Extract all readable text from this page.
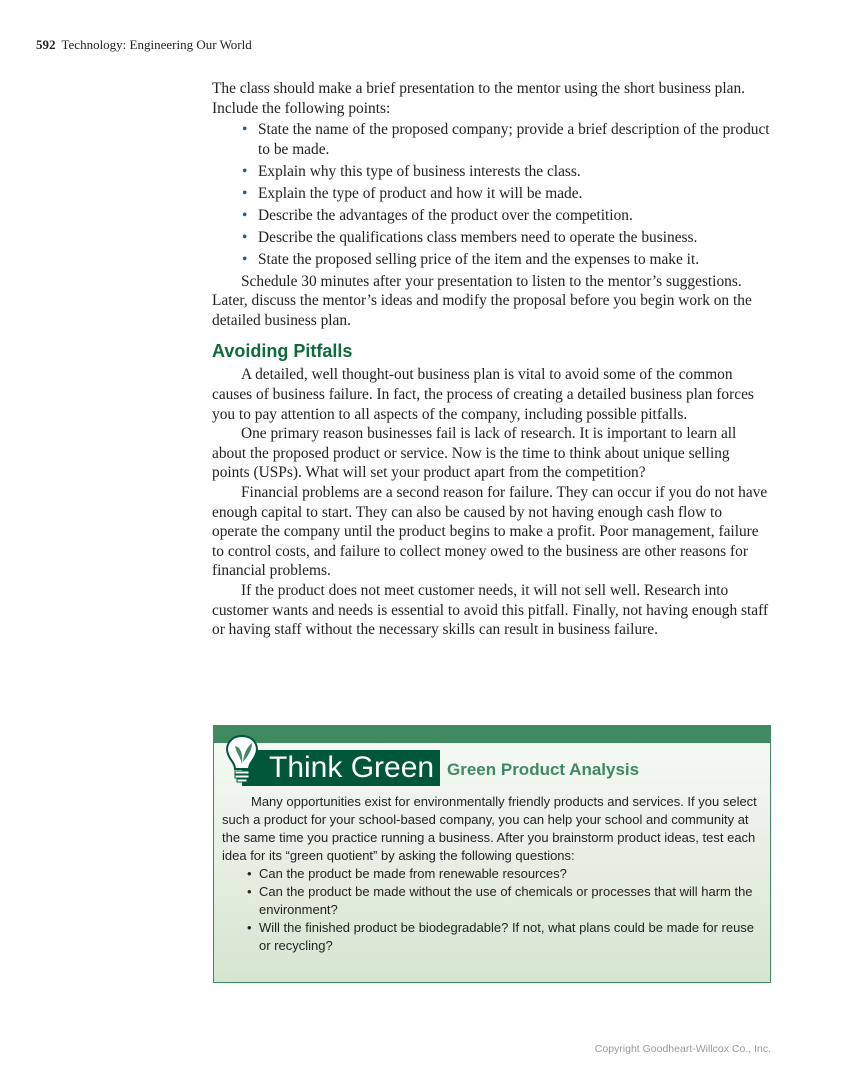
592 Technology: Engineering Our World

The class should make a brief presentation to the mentor using the short business plan. Include the following points:

• State the name of the proposed company; provide a brief description of the product to be made.
• Explain why this type of business interests the class.
• Explain the type of product and how it will be made.
• Describe the advantages of the product over the competition.
• Describe the qualifications class members need to operate the business.
• State the proposed selling price of the item and the expenses to make it.

Schedule 30 minutes after your presentation to listen to the mentor’s suggestions. Later, discuss the mentor’s ideas and modify the proposal before you begin work on the detailed business plan.

Avoiding Pitfalls

A detailed, well thought-out business plan is vital to avoid some of the common causes of business failure. In fact, the process of creating a detailed business plan forces you to pay attention to all aspects of the company, including possible pitfalls.

One primary reason businesses fail is lack of research. It is important to learn all about the proposed product or service. Now is the time to think about unique selling points (USPs). What will set your product apart from the competition?

Financial problems are a second reason for failure. They can occur if you do not have enough capital to start. They can also be caused by not having enough cash flow to operate the company until the product begins to make a profit. Poor management, failure to control costs, and failure to collect money owed to the business are other reasons for financial problems.

If the product does not meet customer needs, it will not sell well. Research into customer wants and needs is essential to avoid this pitfall. Finally, not having enough staff or having staff without the necessary skills can result in business failure.

Think Green Green Product Analysis

Many opportunities exist for environmentally friendly products and services. If you select such a product for your school-based company, you can help your school and community at the same time you practice running a business. After you brainstorm product ideas, test each idea for its “green quotient” by asking the following questions:

• Can the product be made from renewable resources?
• Can the product be made without the use of chemicals or processes that will harm the environment?
• Will the finished product be biodegradable? If not, what plans could be made for reuse or recycling?
Copyright Goodheart-Willcox Co., Inc.
